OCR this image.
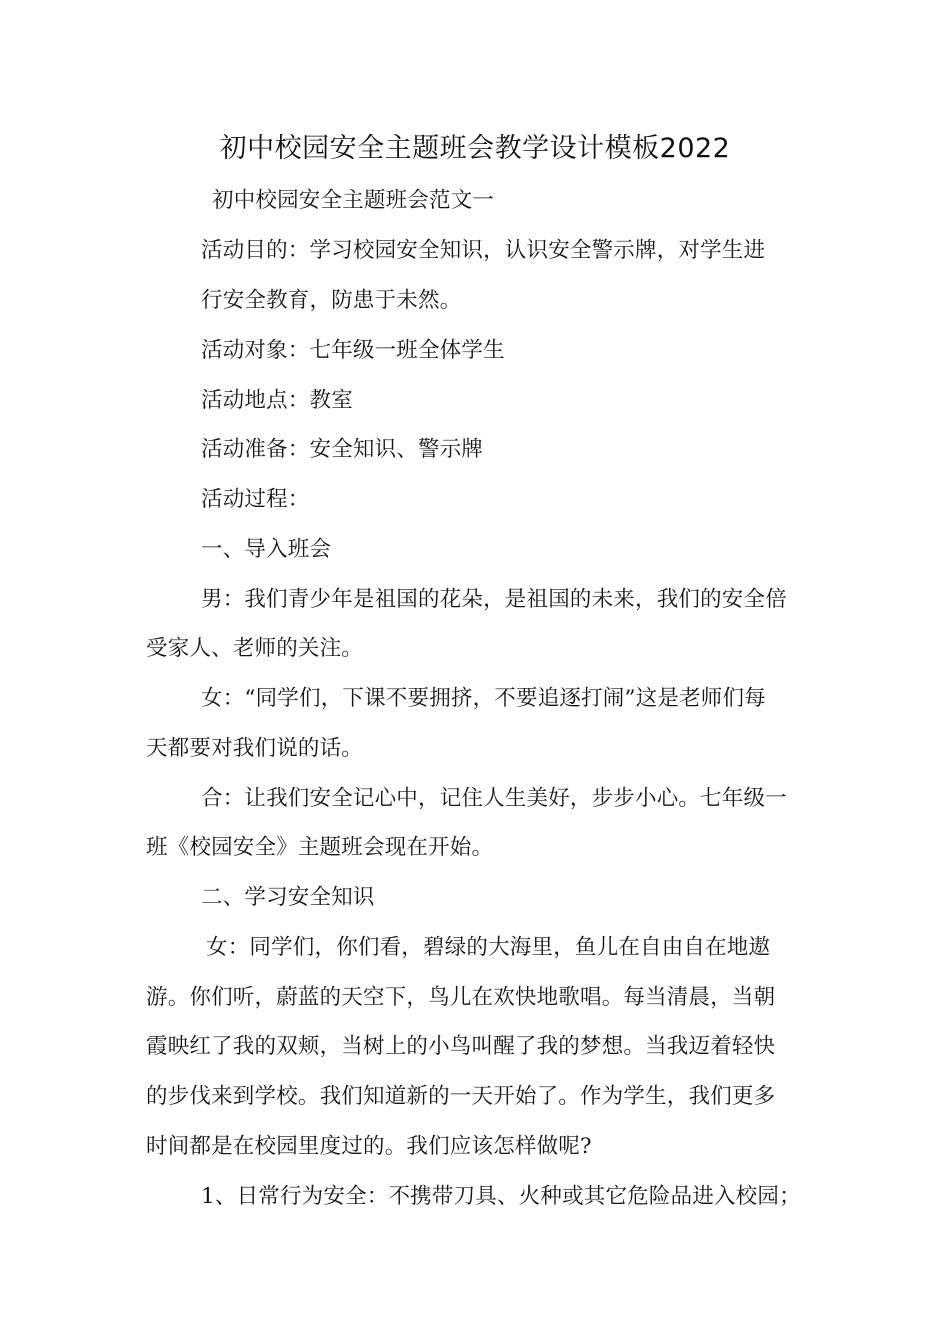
初中校园安全主题班会教学设计模板2022
初中校园安全主题班会范文一
活动目的：学习校园安全知识，认识安全警示牌，对学生进
行安全教育，防患于未然。
活动对象：七年级一班全体学生
活动地点：教室
活动准备：安全知识、警示牌
活动过程：
一、导入班会
男：我们青少年是祖国的花朵，是祖国的未来，我们的安全倍
受家人、老师的关注。
女：“同学们，下课不要拥挤，不要追逐打闹”这是老师们每
天都要对我们说的话。
合：让我们安全记心中，记住人生美好，步步小心。七年级一
班《校园安全》主题班会现在开始。
二、学习安全知识
女：同学们，你们看，碧绿的大海里，鱼儿在自由自在地遨
游。你们听，蔚蓝的天空下，鸟儿在欢快地歌唱。每当清晨，当朝
霞映红了我的双颊，当树上的小鸟叫醒了我的梦想。当我迈着轻快
的步伐来到学校。我们知道新的一天开始了。作为学生，我们更多
时间都是在校园里度过的。我们应该怎样做呢?
1、日常行为安全：不携带刀具、火种或其它危险品进入校园；
